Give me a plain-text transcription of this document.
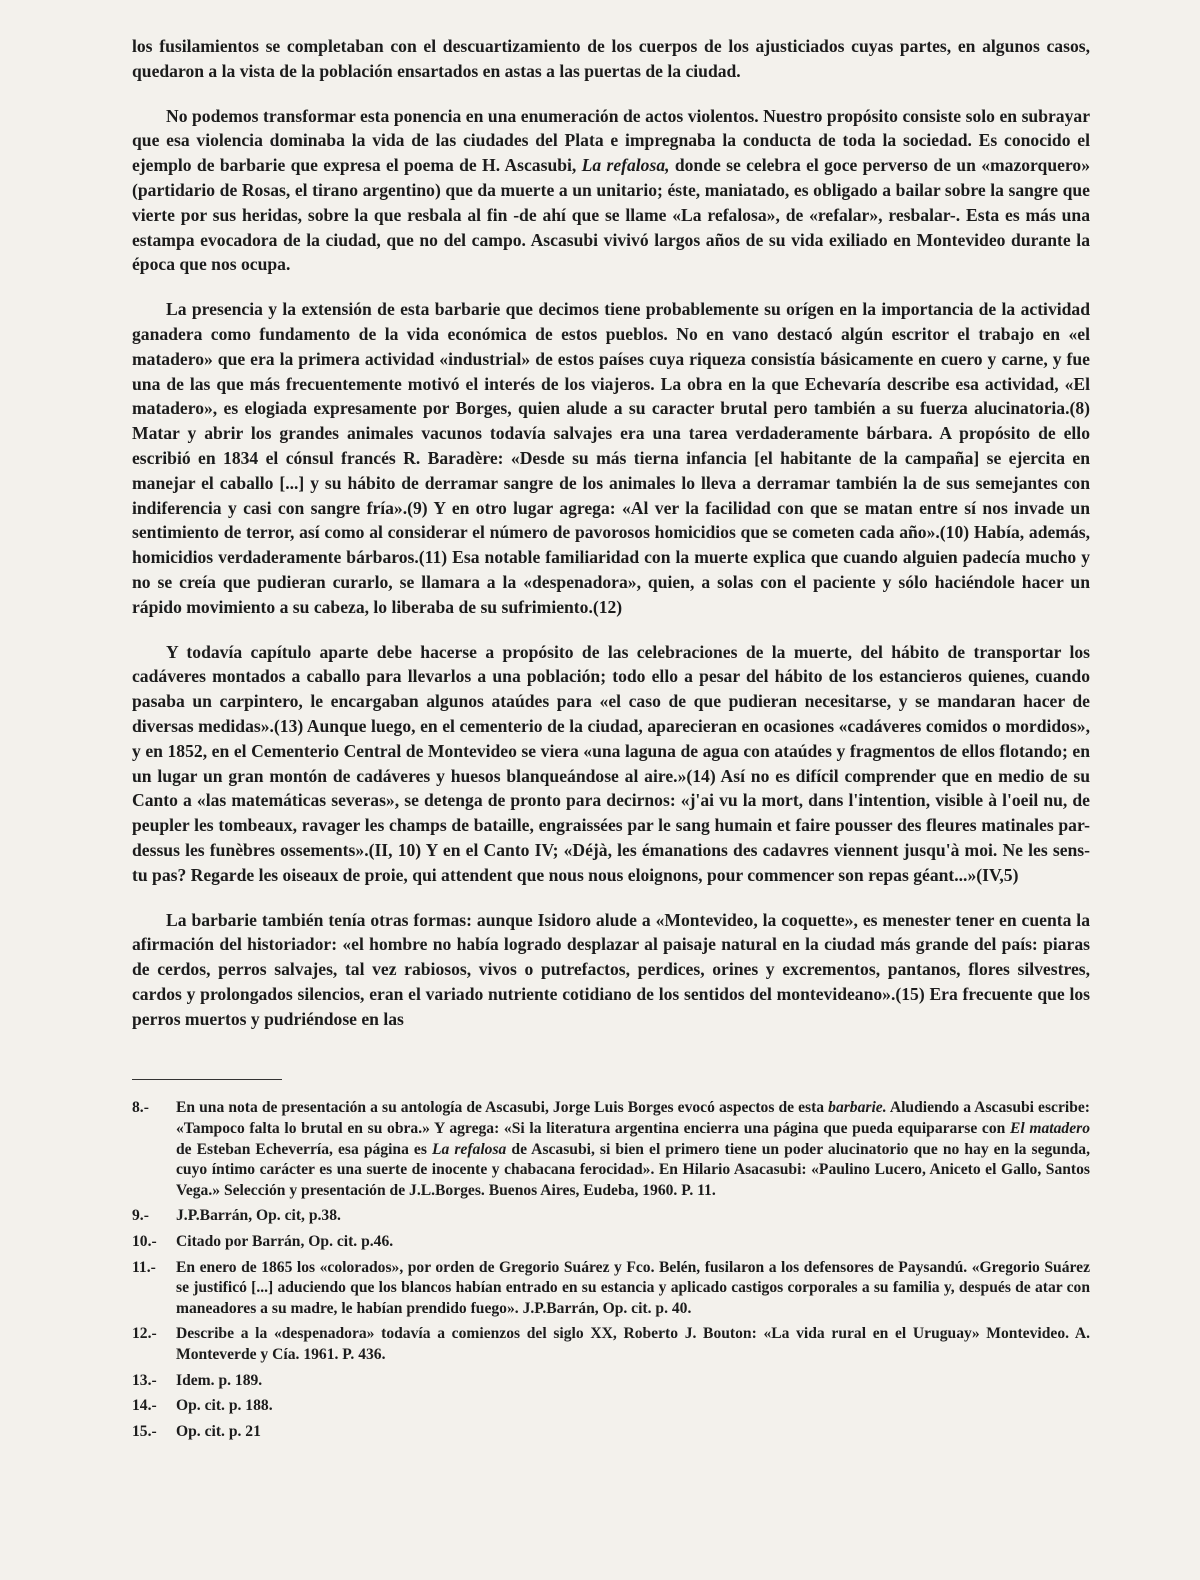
los fusilamientos se completaban con el descuartizamiento de los cuerpos de los ajusticiados cuyas partes, en algunos casos, quedaron a la vista de la población ensartados en astas a las puertas de la ciudad.

No podemos transformar esta ponencia en una enumeración de actos violentos. Nuestro propósito consiste solo en subrayar que esa violencia dominaba la vida de las ciudades del Plata e impregnaba la conducta de toda la sociedad. Es conocido el ejemplo de barbarie que expresa el poema de H. Ascasubi, La refalosa, donde se celebra el goce perverso de un «mazorquero» (partidario de Rosas, el tirano argentino) que da muerte a un unitario; éste, maniatado, es obligado a bailar sobre la sangre que vierte por sus heridas, sobre la que resbala al fin -de ahí que se llame «La refalosa», de «refalar», resbalar-. Esta es más una estampa evocadora de la ciudad, que no del campo. Ascasubi vivivó largos años de su vida exiliado en Montevideo durante la época que nos ocupa.

La presencia y la extensión de esta barbarie que decimos tiene probablemente su orígen en la importancia de la actividad ganadera como fundamento de la vida económica de estos pueblos. No en vano destacó algún escritor el trabajo en «el matadero» que era la primera actividad «industrial» de estos países cuya riqueza consistía básicamente en cuero y carne, y fue una de las que más frecuentemente motivó el interés de los viajeros. La obra en la que Echevaría describe esa actividad, «El matadero», es elogiada expresamente por Borges, quien alude a su caracter brutal pero también a su fuerza alucinatoria.(8) Matar y abrir los grandes animales vacunos todavía salvajes era una tarea verdaderamente bárbara. A propósito de ello escribió en 1834 el cónsul francés R. Baradère: «Desde su más tierna infancia [el habitante de la campaña] se ejercita en manejar el caballo [...] y su hábito de derramar sangre de los animales lo lleva a derramar también la de sus semejantes con indiferencia y casi con sangre fría».(9) Y en otro lugar agrega: «Al ver la facilidad con que se matan entre sí nos invade un sentimiento de terror, así como al considerar el número de pavorosos homicidios que se cometen cada año».(10) Había, además, homicidios verdaderamente bárbaros.(11) Esa notable familiaridad con la muerte explica que cuando alguien padecía mucho y no se creía que pudieran curarlo, se llamara a la «despenadora», quien, a solas con el paciente y sólo haciéndole hacer un rápido movimiento a su cabeza, lo liberaba de su sufrimiento.(12)

Y todavía capítulo aparte debe hacerse a propósito de las celebraciones de la muerte, del hábito de transportar los cadáveres montados a caballo para llevarlos a una población; todo ello a pesar del hábito de los estancieros quienes, cuando pasaba un carpintero, le encargaban algunos ataúdes para «el caso de que pudieran necesitarse, y se mandaran hacer de diversas medidas».(13) Aunque luego, en el cementerio de la ciudad, aparecieran en ocasiones «cadáveres comidos o mordidos», y en 1852, en el Cementerio Central de Montevideo se viera «una laguna de agua con ataúdes y fragmentos de ellos flotando; en un lugar un gran montón de cadáveres y huesos blanqueándose al aire.»(14) Así no es difícil comprender que en medio de su Canto a «las matemáticas severas», se detenga de pronto para decirnos: «j'ai vu la mort, dans l'intention, visible à l'oeil nu, de peupler les tombeaux, ravager les champs de bataille, engraissées par le sang humain et faire pousser des fleures matinales par-dessus les funèbres ossements».(II, 10) Y en el Canto IV; «Déjà, les émanations des cadavres viennent jusqu'à moi. Ne les sens-tu pas? Regarde les oiseaux de proie, qui attendent que nous nous eloignons, pour commencer son repas géant...»(IV,5)

La barbarie también tenía otras formas: aunque Isidoro alude a «Montevideo, la coquette», es menester tener en cuenta la afirmación del historiador: «el hombre no había logrado desplazar al paisaje natural en la ciudad más grande del país: piaras de cerdos, perros salvajes, tal vez rabiosos, vivos o putrefactos, perdices, orines y excrementos, pantanos, flores silvestres, cardos y prolongados silencios, eran el variado nutriente cotidiano de los sentidos del montevideano».(15) Era frecuente que los perros muertos y pudriéndose en las

8.-	En una nota de presentación a su antología de Ascasubi, Jorge Luis Borges evocó aspectos de esta barbarie. Aludiendo a Ascasubi escribe: «Tampoco falta lo brutal en su obra.» Y agrega: «Si la literatura argentina encierra una página que pueda equipararse con El matadero de Esteban Echeverría, esa página es La refalosa de Ascasubi, si bien el primero tiene un poder alucinatorio que no hay en la segunda, cuyo íntimo carácter es una suerte de inocente y chabacana ferocidad». En Hilario Asacasubi: «Paulino Lucero, Aniceto el Gallo, Santos Vega.» Selección y presentación de J.L.Borges. Buenos Aires, Eudeba, 1960. P. 11.
9.-	J.P.Barrán, Op. cit, p.38.
10.-	Citado por Barrán, Op. cit. p.46.
11.-	En enero de 1865 los «colorados», por orden de Gregorio Suárez y Fco. Belén, fusilaron a los defensores de Paysandú. «Gregorio Suárez se justificó [...] aduciendo que los blancos habían entrado en su estancia y aplicado castigos corporales a su familia y, después de atar con maneadores a su madre, le habían prendido fuego». J.P.Barrán, Op. cit. p. 40.
12.-	Describe a la «despenadora» todavía a comienzos del siglo XX, Roberto J. Bouton: «La vida rural en el Uruguay» Montevideo. A. Monteverde y Cía. 1961. P. 436.
13.-	Idem. p. 189.
14.-	Op. cit. p. 188.
15.-	Op. cit. p. 21
